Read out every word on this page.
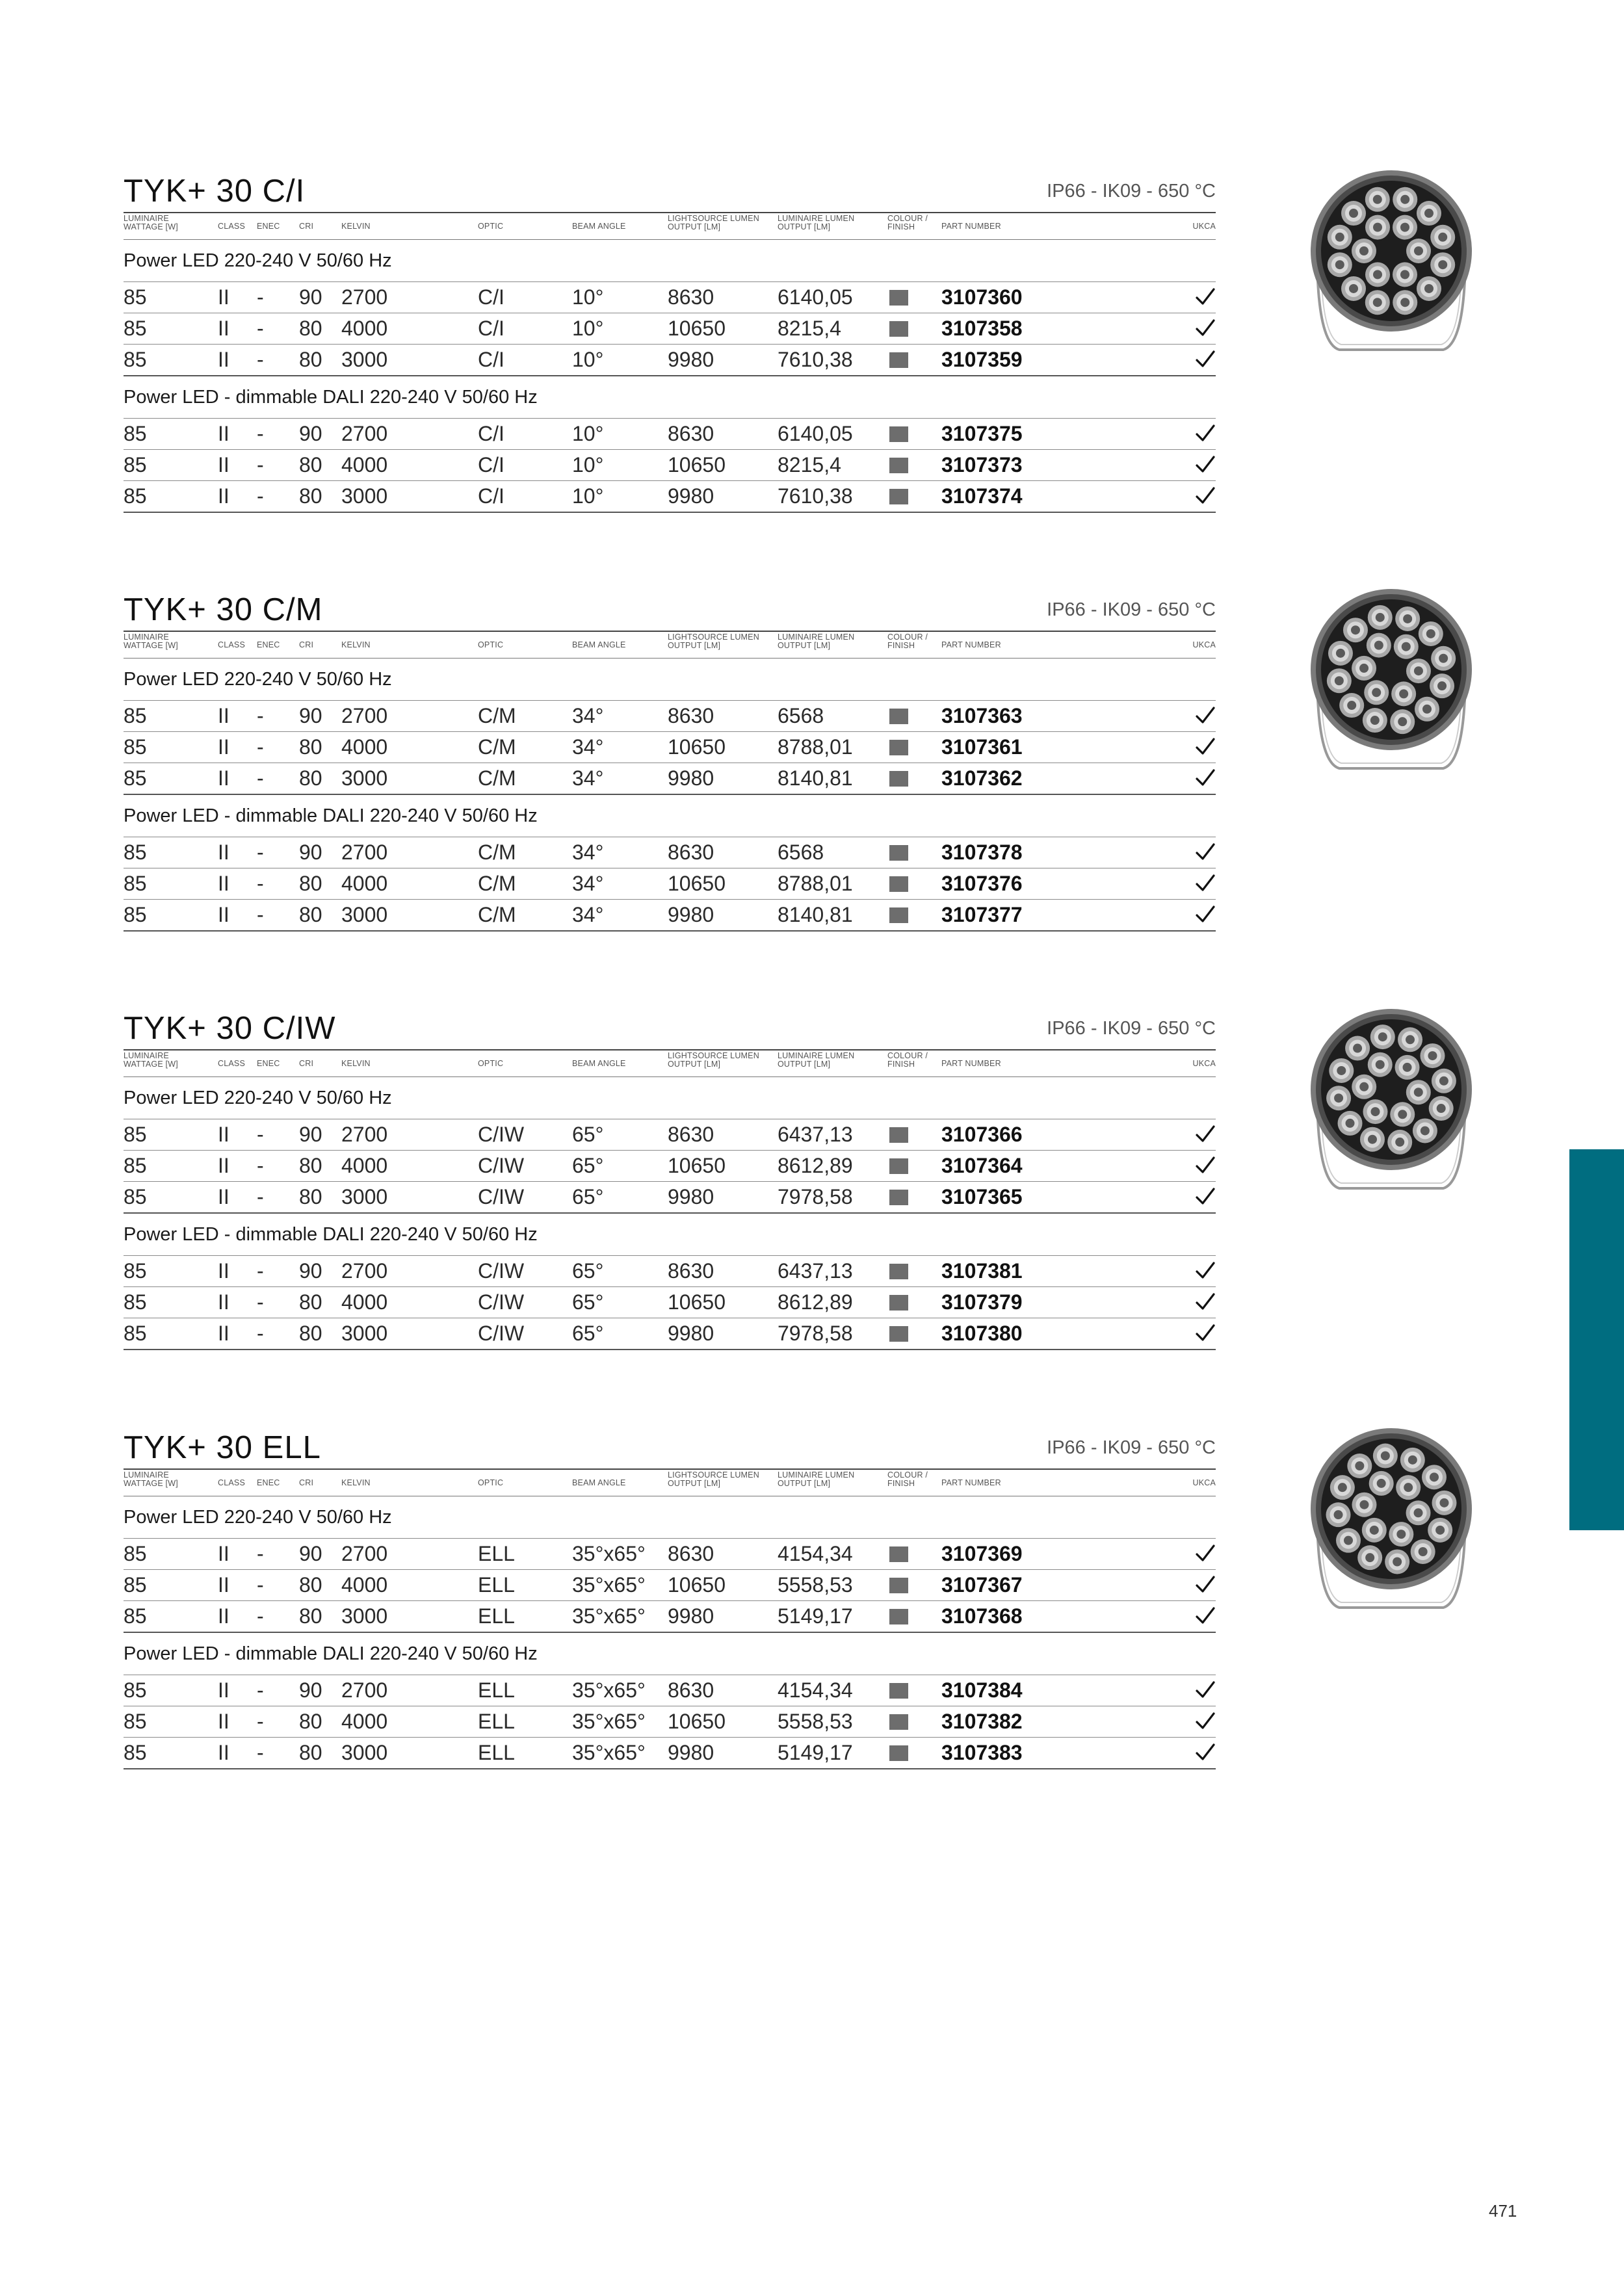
TYK+ 30 C/I	IP66 - IK09 - 650 °C
LUMINAIRE
WATTAGE [W]	CLASS ENEC CRI	KELVIN	OPTIC	BEAM ANGLE
LIGHTSOURCE LUMEN
OUTPUT [LM]
LUMINAIRE LUMEN
OUTPUT [LM]
COLOUR /
FINISH	PART NUMBER	UKCA
Power LED 220-240 V 50/60 Hz
85	II - 90 2700	C/I	10°	8630	6140,05	3107360
85	II - 80 4000	C/I	10°	10650	8215,4	3107358
85	II - 80 3000	C/I	10°	9980	7610,38	3107359
Power LED - dimmable DALI 220-240 V 50/60 Hz
85	II - 90 2700	C/I	10°	8630	6140,05	3107375
85	II - 80 4000	C/I	10°	10650	8215,4	3107373
85	II - 80 3000	C/I	10°	9980	7610,38	3107374
TYK+ 30 C/M	IP66 - IK09 - 650 °C
LUMINAIRE
WATTAGE [W]	CLASS ENEC CRI	KELVIN	OPTIC	BEAM ANGLE
LIGHTSOURCE LUMEN
OUTPUT [LM]
LUMINAIRE LUMEN
OUTPUT [LM]
COLOUR /
FINISH	PART NUMBER	UKCA
Power LED 220-240 V 50/60 Hz
85	II - 90 2700	C/M	34°	8630	6568	3107363
85	II - 80 4000	C/M	34°	10650	8788,01	3107361
85	II - 80 3000	C/M	34°	9980	8140,81	3107362
Power LED - dimmable DALI 220-240 V 50/60 Hz
85	II - 90 2700	C/M	34°	8630	6568	3107378
85	II - 80 4000	C/M	34°	10650	8788,01	3107376
85	II - 80 3000	C/M	34°	9980	8140,81	3107377
TYK+ 30 C/IW	IP66 - IK09 - 650 °C
LUMINAIRE
WATTAGE [W]	CLASS ENEC CRI	KELVIN	OPTIC	BEAM ANGLE
LIGHTSOURCE LUMEN
OUTPUT [LM]
LUMINAIRE LUMEN
OUTPUT [LM]
COLOUR /
FINISH	PART NUMBER	UKCA
Power LED 220-240 V 50/60 Hz
85	II - 90 2700	C/IW 65°	8630	6437,13	3107366
85	II - 80 4000	C/IW 65°	10650	8612,89	3107364
85	II - 80 3000	C/IW 65°	9980	7978,58	3107365
Power LED - dimmable DALI 220-240 V 50/60 Hz
85	II - 90 2700	C/IW 65°	8630	6437,13	3107381
85	II - 80 4000	C/IW 65°	10650	8612,89	3107379
85	II - 80 3000	C/IW 65°	9980	7978,58	3107380
TYK+ 30 ELL	IP66 - IK09 - 650 °C
LUMINAIRE
WATTAGE [W]	CLASS ENEC CRI	KELVIN	OPTIC	BEAM ANGLE
LIGHTSOURCE LUMEN
OUTPUT [LM]
LUMINAIRE LUMEN
OUTPUT [LM]
COLOUR /
FINISH	PART NUMBER	UKCA
Power LED 220-240 V 50/60 Hz
85	II - 90 2700	ELL	35°x65° 8630	4154,34	3107369
85	II - 80 4000	ELL	35°x65° 10650	5558,53	3107367
85	II - 80 3000	ELL	35°x65° 9980	5149,17	3107368
Power LED - dimmable DALI 220-240 V 50/60 Hz
85	II - 90 2700	ELL	35°x65° 8630	4154,34	3107384
85	II - 80 4000	ELL	35°x65° 10650	5558,53	3107382
85	II - 80 3000	ELL	35°x65° 9980	5149,17	3107383
471
